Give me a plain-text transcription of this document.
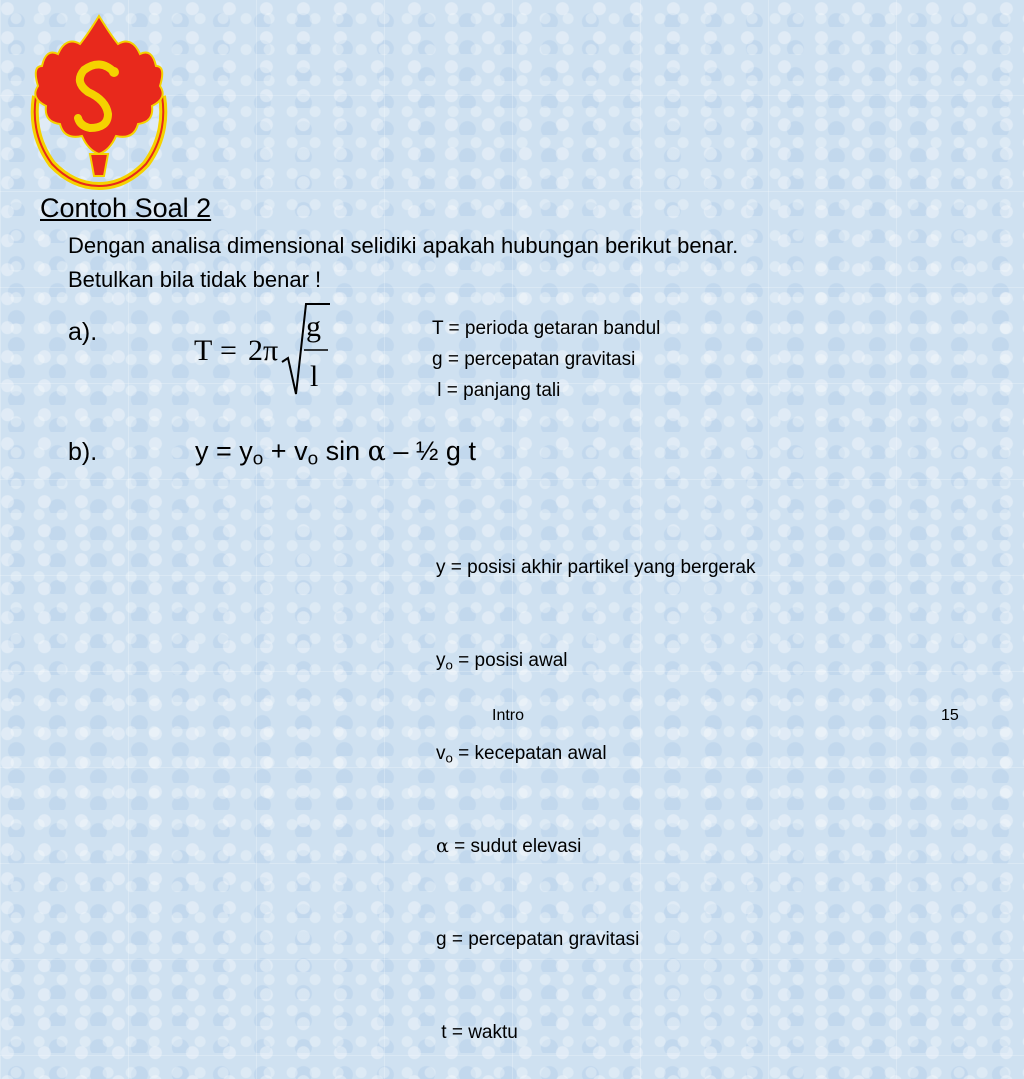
Contoh Soal 2
Dengan analisa dimensional selidiki apakah hubungan berikut benar.
Betulkan bila tidak benar !
a).
T = 2π
g
l
T = perioda getaran bandul
g = percepatan gravitasi
l = panjang tali
b).	$y = y_o + v_o$ sin α – ½ g t

y = posisi akhir partikel yang bergerak

$y_o$ = posisi awal

$v_o$ = kecepatan awal

α = sudut elevasi

g = percepatan gravitasi

t = waktu

Intro	15
